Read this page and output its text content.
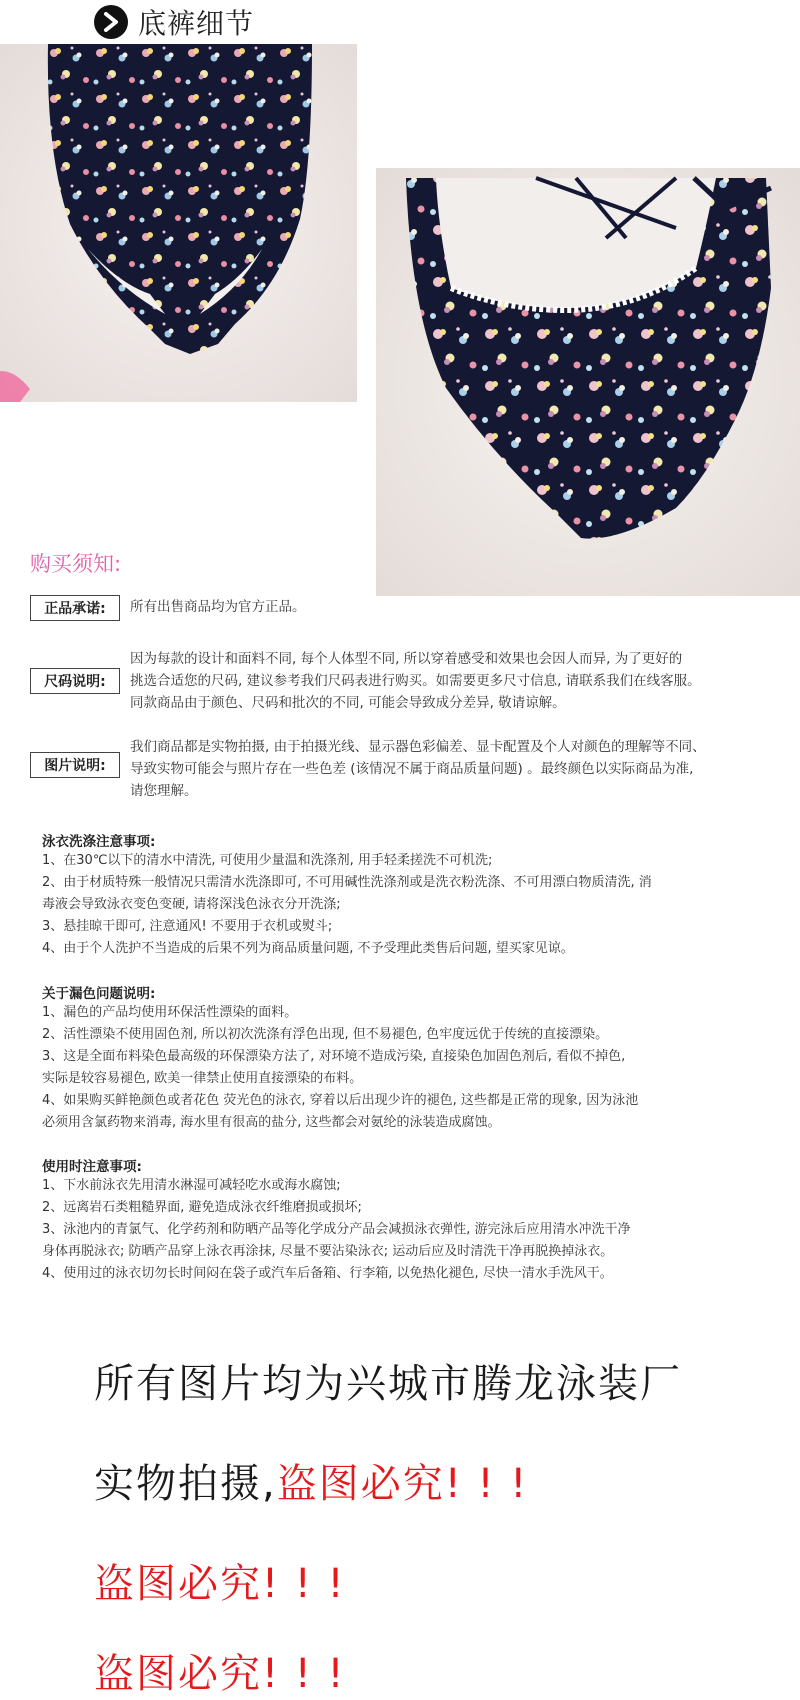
底裤细节
购买须知:
正品承诺:	所有出售商品均为官方正品。
尺码说明:
因为每款的设计和面料不同, 每个人体型不同, 所以穿着感受和效果也会因人而异, 为了更好的
挑选合适您的尺码, 建议参考我们尺码表进行购买。如需要更多尺寸信息, 请联系我们在线客服。
同款商品由于颜色、尺码和批次的不同, 可能会导致成分差异, 敬请谅解。
图片说明:
我们商品都是实物拍摄, 由于拍摄光线、显示器色彩偏差、显卡配置及个人对颜色的理解等不同、
导致实物可能会与照片存在一些色差 (该情况不属于商品质量问题) 。最终颜色以实际商品为准,
请您理解。
泳衣洗涤注意事项:
1、在30℃以下的清水中清洗, 可使用少量温和洗涤剂, 用手轻柔搓洗不可机洗;
2、由于材质特殊一般情况只需清水洗涤即可, 不可用碱性洗涤剂或是洗衣粉洗涤、不可用漂白物质清洗, 消
毒液会导致泳衣变色变硬, 请将深浅色泳衣分开洗涤;
3、悬挂晾干即可, 注意通风! 不要用于衣机或熨斗;
4、由于个人洗护不当造成的后果不列为商品质量问题, 不予受理此类售后问题, 望买家见谅。
关于漏色问题说明:
1、漏色的产品均使用环保活性漂染的面料。
2、活性漂染不使用固色剂, 所以初次洗涤有浮色出现, 但不易褪色, 色牢度远优于传统的直接漂染。
3、这是全面布料染色最高级的环保漂染方法了, 对环境不造成污染, 直接染色加固色剂后, 看似不掉色,
实际是较容易褪色, 欧美一律禁止使用直接漂染的布料。
4、如果购买鲜艳颜色或者花色 荧光色的泳衣, 穿着以后出现少许的褪色, 这些都是正常的现象, 因为泳池
必须用含氯药物来消毒, 海水里有很高的盐分, 这些都会对氨纶的泳装造成腐蚀。
使用时注意事项:
1、下水前泳衣先用清水淋湿可减轻吃水或海水腐蚀;
2、远离岩石类粗糙界面, 避免造成泳衣纤维磨损或损坏;
3、泳池内的青氯气、化学药剂和防晒产品等化学成分产品会减损泳衣弹性, 游完泳后应用清水冲洗干净
身体再脱泳衣; 防晒产品穿上泳衣再涂抹, 尽量不要沾染泳衣; 运动后应及时清洗干净再脱换掉泳衣。
4、使用过的泳衣切勿长时间闷在袋子或汽车后备箱、行李箱, 以免热化褪色, 尽快一清水手洗风干。
所有图片均为兴城市腾龙泳装厂
实物拍摄,盗图必究! ! !
盗图必究! ! !
盗图必究! ! !
